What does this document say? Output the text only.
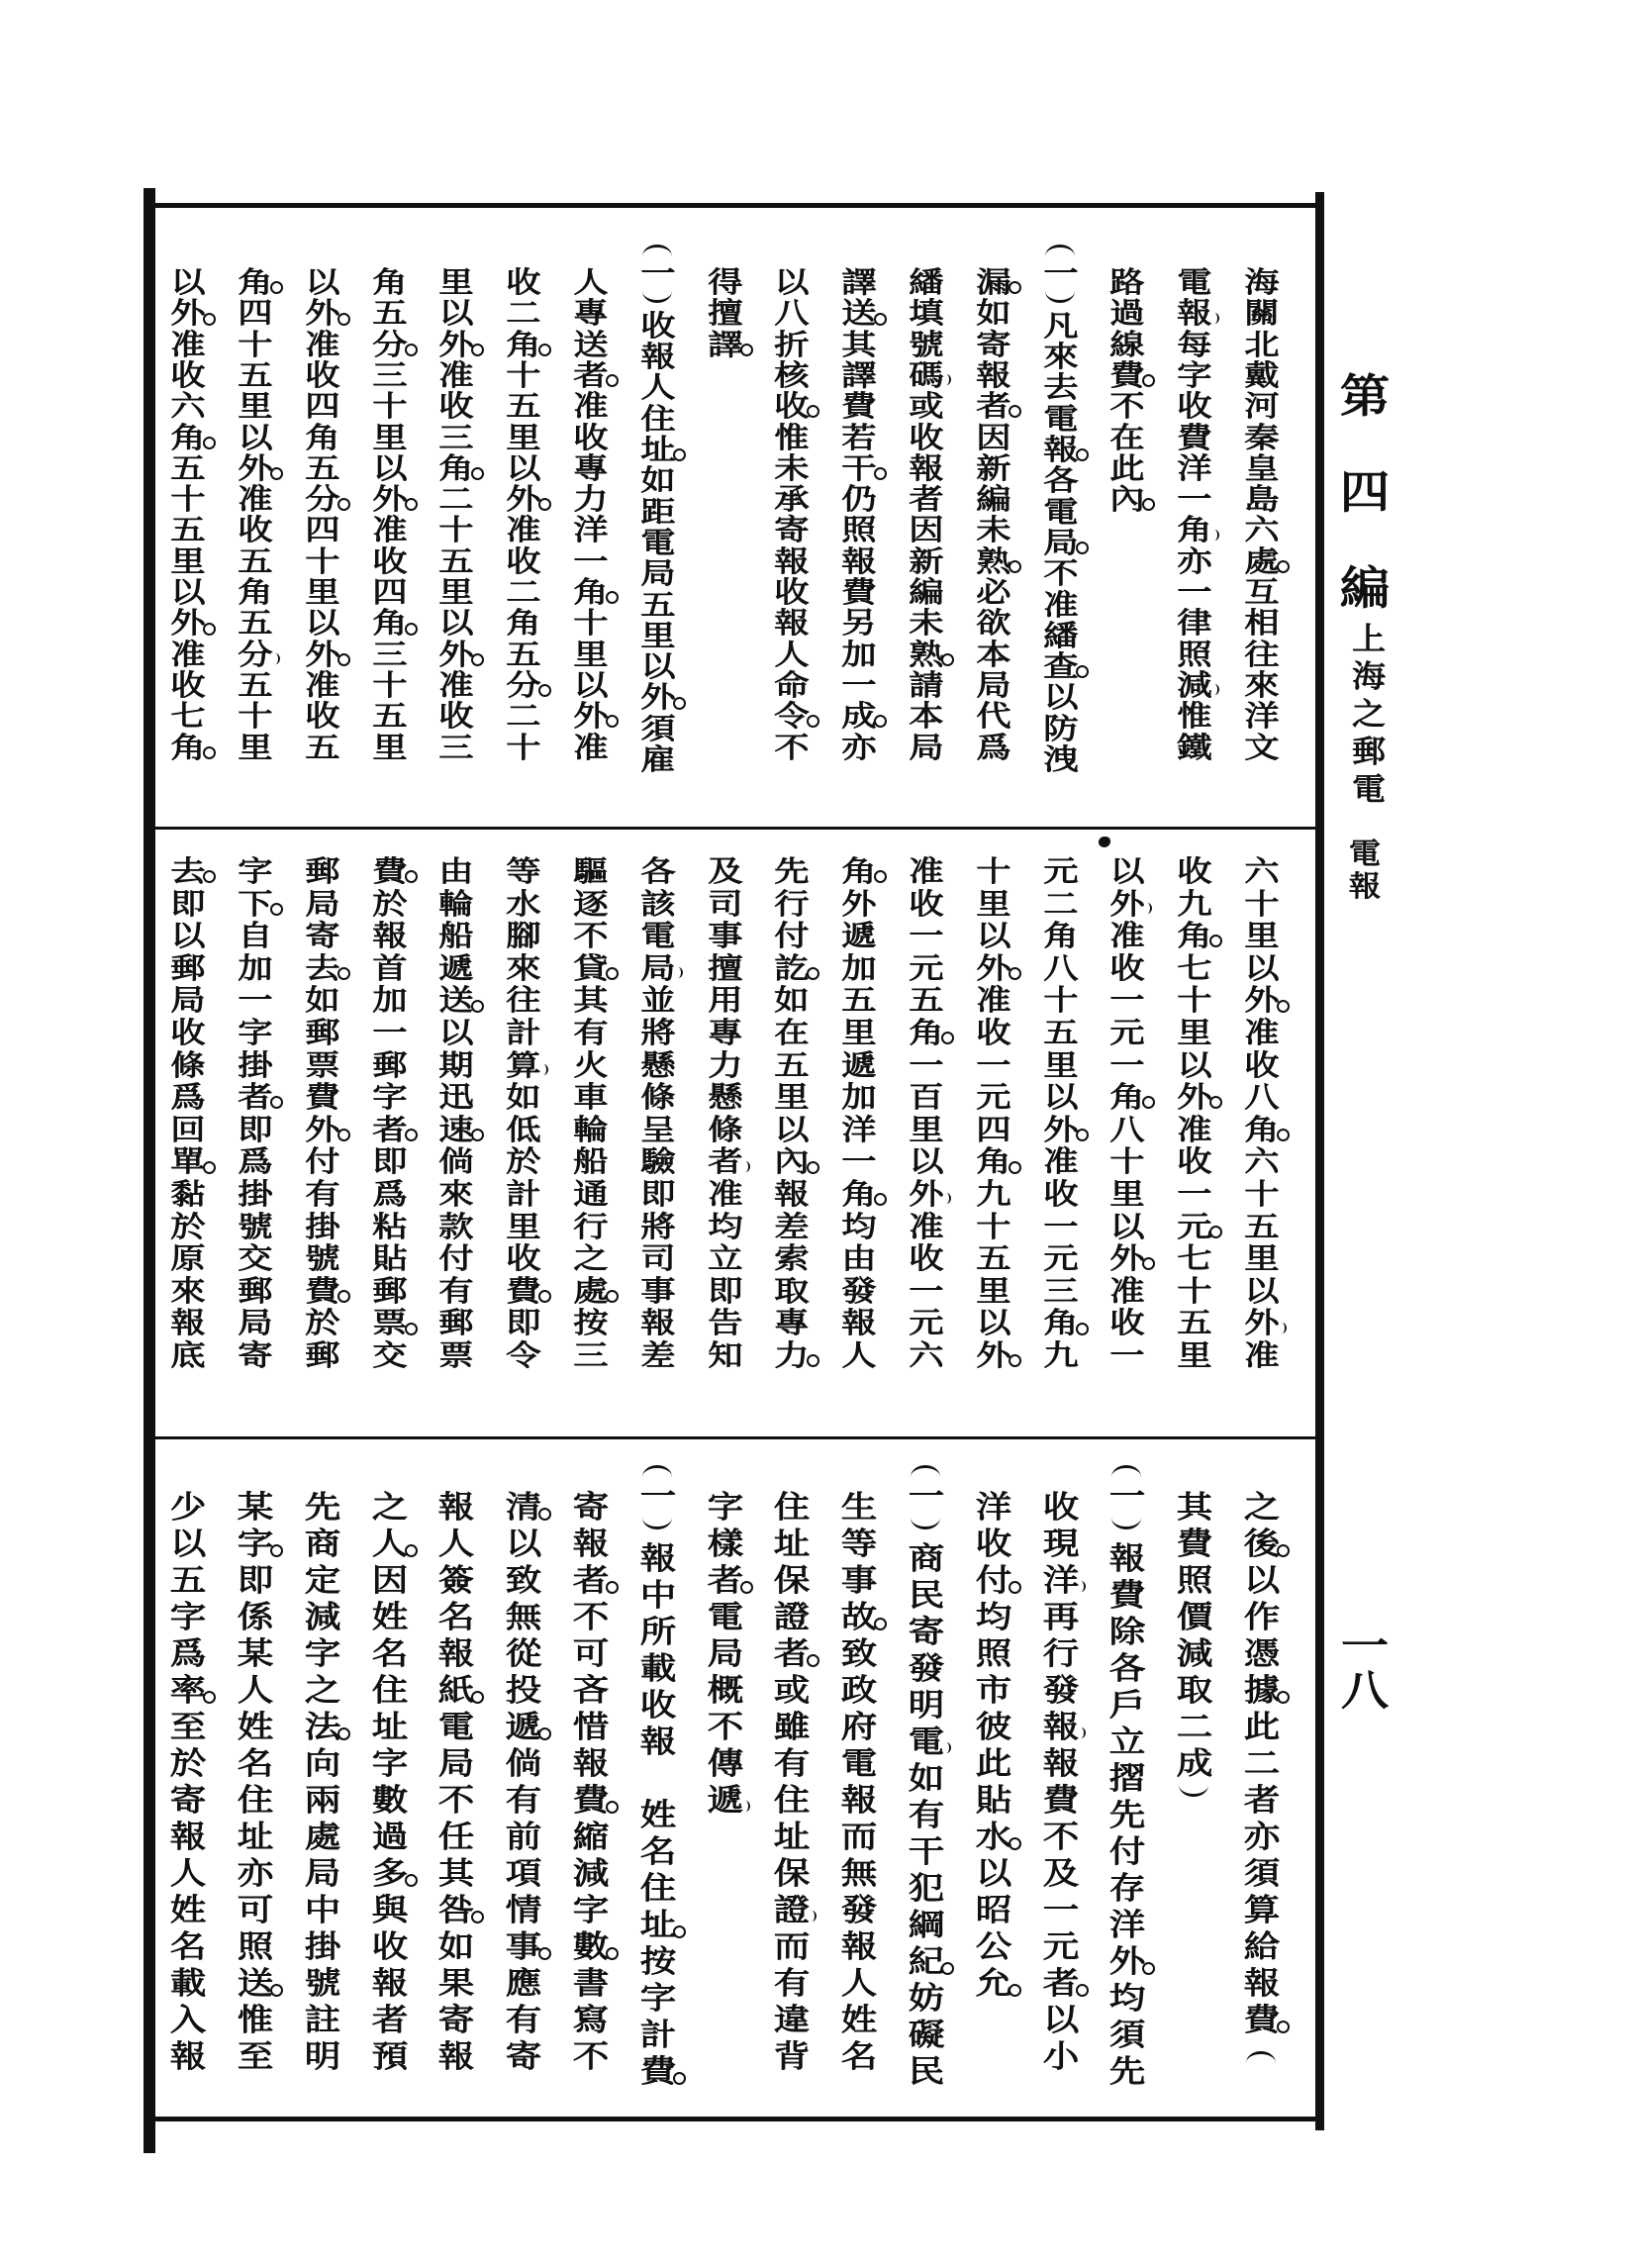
第
四
編
上
海
之
郵
電
電
報
一
八
海
關
北
戴
河
秦
皇
島
六
處
互
相
往
來
洋
文
電
報
每
字
收
費
洋
一
角
亦
一
律
照
減
惟
鐵
路
過
線
費
不
在
此
內
一
凡
來
去
電
報
各
電
局
不
准
繙
查
以
防
洩
漏
如
寄
報
者
因
新
編
未
熟
必
欲
本
局
代
爲
繙
填
號
碼
或
收
報
者
因
新
編
未
熟
請
本
局
譯
送
其
譯
費
若
干
仍
照
報
費
另
加
一
成
亦
以
八
折
核
收
惟
未
承
寄
報
收
報
人
命
令
不
得
擅
譯
一
收
報
人
住
址
如
距
電
局
五
里
以
外
須
雇
人
專
送
者
准
收
專
力
洋
一
角
十
里
以
外
准
收
二
角
十
五
里
以
外
准
收
二
角
五
分
二
十
里
以
外
准
收
三
角
二
十
五
里
以
外
准
收
三
角
五
分
三
十
里
以
外
准
收
四
角
三
十
五
里
以
外
准
收
四
角
五
分
四
十
里
以
外
准
收
五
角
四
十
五
里
以
外
准
收
五
角
五
分
五
十
里
以
外
准
收
六
角
五
十
五
里
以
外
准
收
七
角
六
十
里
以
外
准
收
八
角
六
十
五
里
以
外
准
收
九
角
七
十
里
以
外
准
收
一
元
七
十
五
里
以
外
准
收
一
元
一
角
八
十
里
以
外
准
收
一
元
二
角
八
十
五
里
以
外
准
收
一
元
三
角
九
十
里
以
外
准
收
一
元
四
角
九
十
五
里
以
外
准
收
一
元
五
角
一
百
里
以
外
准
收
一
元
六
角
外
遞
加
五
里
遞
加
洋
一
角
均
由
發
報
人
先
行
付
訖
如
在
五
里
以
內
報
差
索
取
專
力
及
司
事
擅
用
專
力
懸
條
者
准
均
立
即
告
知
各
該
電
局
並
將
懸
條
呈
驗
即
將
司
事
報
差
驅
逐
不
貸
其
有
火
車
輪
船
通
行
之
處
按
三
等
水
腳
來
往
計
算
如
低
於
計
里
收
費
即
令
由
輪
船
遞
送
以
期
迅
速
倘
來
款
付
有
郵
票
費
於
報
首
加
一
郵
字
者
即
爲
粘
貼
郵
票
交
郵
局
寄
去
如
郵
票
費
外
付
有
掛
號
費
於
郵
字
下
自
加
一
字
掛
者
即
爲
掛
號
交
郵
局
寄
去
即
以
郵
局
收
條
爲
回
單
黏
於
原
來
報
底
之
後
以
作
憑
據
此
二
者
亦
須
算
給
報
費
其
費
照
價
減
取
二
成
一
報
費
除
各
戶
立
摺
先
付
存
洋
外
均
須
先
收
現
洋
再
行
發
報
報
費
不
及
一
元
者
以
小
洋
收
付
均
照
市
彼
此
貼
水
以
昭
公
允
一
商
民
寄
發
明
電
如
有
干
犯
綱
紀
妨
礙
民
生
等
事
故
致
政
府
電
報
而
無
發
報
人
姓
名
住
址
保
證
者
或
雖
有
住
址
保
證
而
有
違
背
字
樣
者
電
局
概
不
傳
遞
一
報
中
所
載
收
報

姓
名
住
址
按
字
計
費
寄
報
者
不
可
吝
惜
報
費
縮
減
字
數
書
寫
不
清
以
致
無
從
投
遞
倘
有
前
項
情
事
應
有
寄
報
人
簽
名
報
紙
電
局
不
任
其
咎
如
果
寄
報
之
人
因
姓
名
住
址
字
數
過
多
與
收
報
者
預
先
商
定
減
字
之
法
向
兩
處
局
中
掛
號
註
明
某
字
即
係
某
人
姓
名
住
址
亦
可
照
送
惟
至
少
以
五
字
爲
率
至
於
寄
報
人
姓
名
載
入
報
